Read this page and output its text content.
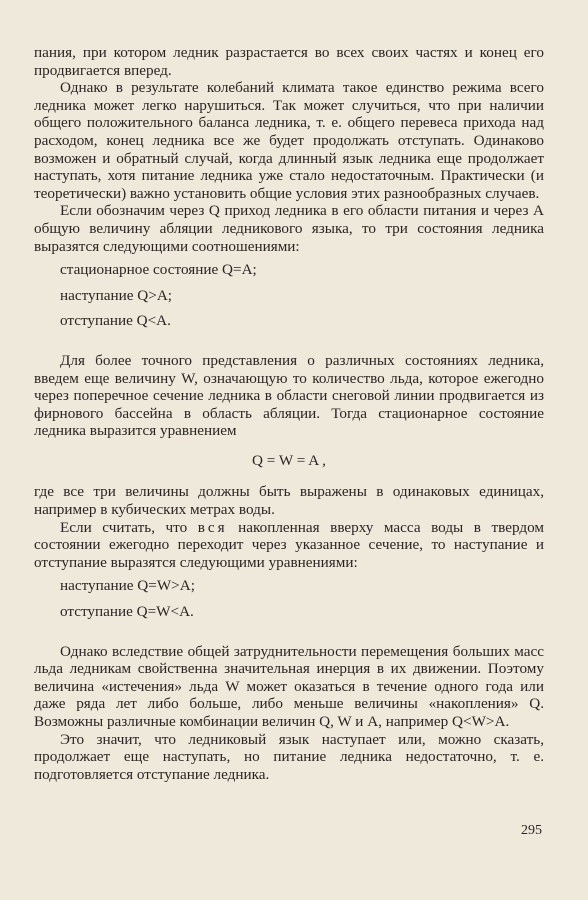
пания, при котором ледник разрастается во всех своих частях и конец его продвигается вперед.

Однако в результате колебаний климата такое единство режима всего ледника может легко нарушиться. Так может случиться, что при наличии общего положительного баланса ледника, т. е. общего перевеса прихода над расходом, конец ледника все же будет продолжать отступать. Одинаково возможен и обратный случай, когда длинный язык ледника еще продолжает наступать, хотя питание ледника уже стало недостаточным. Практически (и теоретически) важно установить общие условия этих разнообразных случаев.

Если обозначим через Q приход ледника в его области питания и через A общую величину абляции ледникового языка, то три состояния ледника выразятся следующими соотношениями:

стационарное состояние Q=A;
наступание Q>A;
отступание Q<A.

Для более точного представления о различных состояниях ледника, введем еще величину W, означающую то количество льда, которое ежегодно через поперечное сечение ледника в области снеговой линии продвигается из фирнового бассейна в область абляции. Тогда стационарное состояние ледника выразится уравнением

Q = W = A ,

где все три величины должны быть выражены в одинаковых единицах, например в кубических метрах воды.

Если считать, что вся накопленная вверху масса воды в твердом состоянии ежегодно переходит через указанное сечение, то наступание и отступание выразятся следующими уравнениями:

наступание Q=W>A;
отступание Q=W<A.

Однако вследствие общей затруднительности перемещения больших масс льда ледникам свойственна значительная инерция в их движении. Поэтому величина «истечения» льда W может оказаться в течение одного года или даже ряда лет либо больше, либо меньше величины «накопления» Q. Возможны различные комбинации величин Q, W и A, например Q<W>A.

Это значит, что ледниковый язык наступает или, можно сказать, продолжает еще наступать, но питание ледника недостаточно, т. е. подготовляется отступание ледника.

295
